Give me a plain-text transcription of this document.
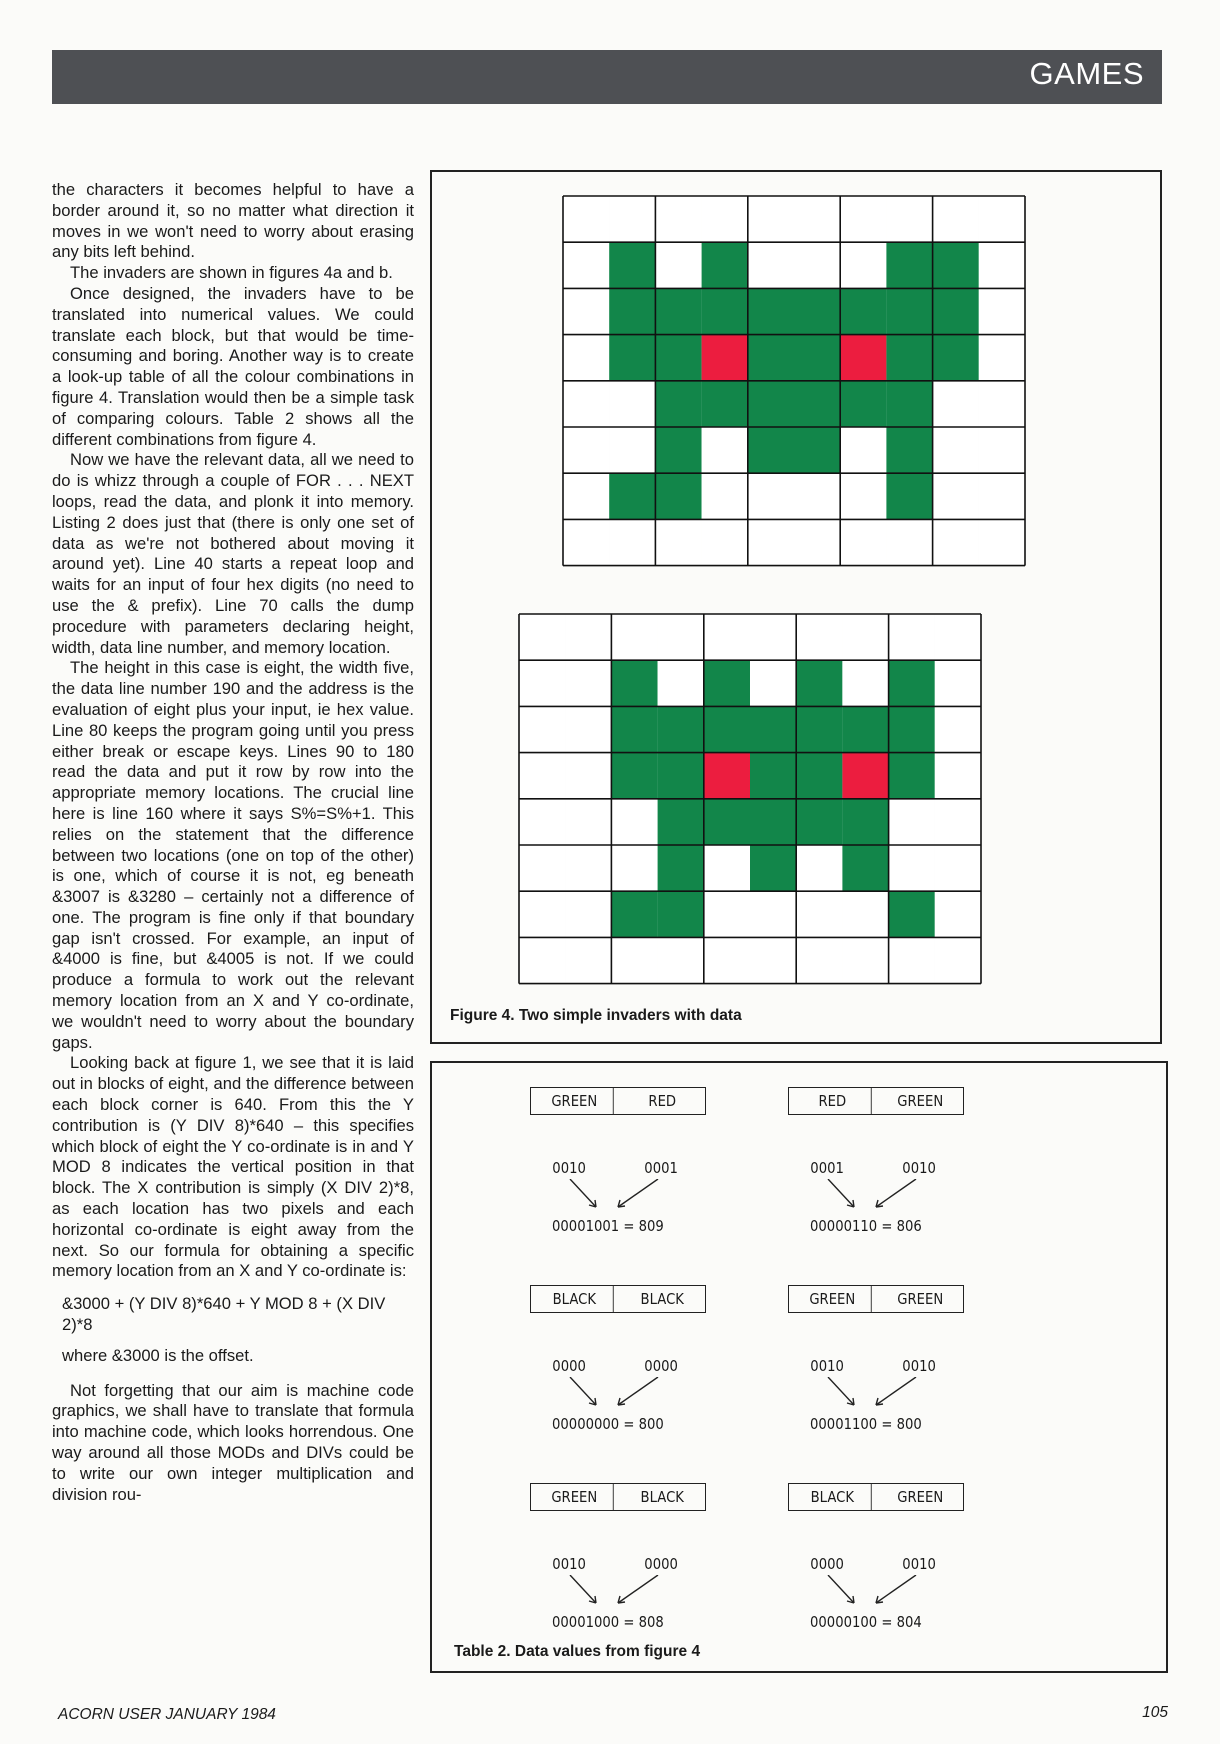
GAMES

the characters it becomes helpful to have a border around it, so no matter what direction it moves in we won't need to worry about erasing any bits left behind.

The invaders are shown in figures 4a and b.

Once designed, the invaders have to be translated into numerical values. We could translate each block, but that would be time-consuming and boring. Another way is to create a look-up table of all the colour combinations in figure 4. Translation would then be a simple task of comparing colours. Table 2 shows all the different combinations from figure 4.

Now we have the relevant data, all we need to do is whizz through a couple of FOR . . . NEXT loops, read the data, and plonk it into memory. Listing 2 does just that (there is only one set of data as we're not bothered about moving it around yet). Line 40 starts a repeat loop and waits for an input of four hex digits (no need to use the & prefix). Line 70 calls the dump procedure with parameters declaring height, width, data line number, and memory location.

The height in this case is eight, the width five, the data line number 190 and the address is the evaluation of eight plus your input, ie hex value. Line 80 keeps the program going until you press either break or escape keys. Lines 90 to 180 read the data and put it row by row into the appropriate memory locations. The crucial line here is line 160 where it says S%=S%+1. This relies on the statement that the difference between two locations (one on top of the other) is one, which of course it is not, eg beneath &3007 is &3280 – certainly not a difference of one. The program is fine only if that boundary gap isn't crossed. For example, an input of &4000 is fine, but &4005 is not. If we could produce a formula to work out the relevant memory location from an X and Y co-ordinate, we wouldn't need to worry about the boundary gaps.

Looking back at figure 1, we see that it is laid out in blocks of eight, and the difference between each block corner is 640. From this the Y contribution is (Y DIV 8)*640 – this specifies which block of eight the Y co-ordinate is in and Y MOD 8 indicates the vertical position in that block. The X contribution is simply (X DIV 2)*8, as each location has two pixels and each horizontal co-ordinate is eight away from the next. So our formula for obtaining a specific memory location from an X and Y co-ordinate is:

&3000 + (Y DIV 8)*640 + Y MOD 8 + (X DIV 2)*8

where &3000 is the offset.

Not forgetting that our aim is machine code graphics, we shall have to translate that formula into machine code, which looks horrendous. One way around all those MODs and DIVs could be to write our own integer multiplication and division rou-

Figure 4. Two simple invaders with data
GREEN	RED
0010	0001
00001001 = 809
RED	GREEN
0001	0010
00000110 = 806
BLACK	BLACK
0000	0000
00000000 = 800
GREEN	GREEN
0010	0010
00001100 = 800
GREEN	BLACK
0010	0000
00001000 = 808
BLACK	GREEN
0000	0010
00000100 = 804
Table 2. Data values from figure 4
ACORN USER JANUARY 1984	105
